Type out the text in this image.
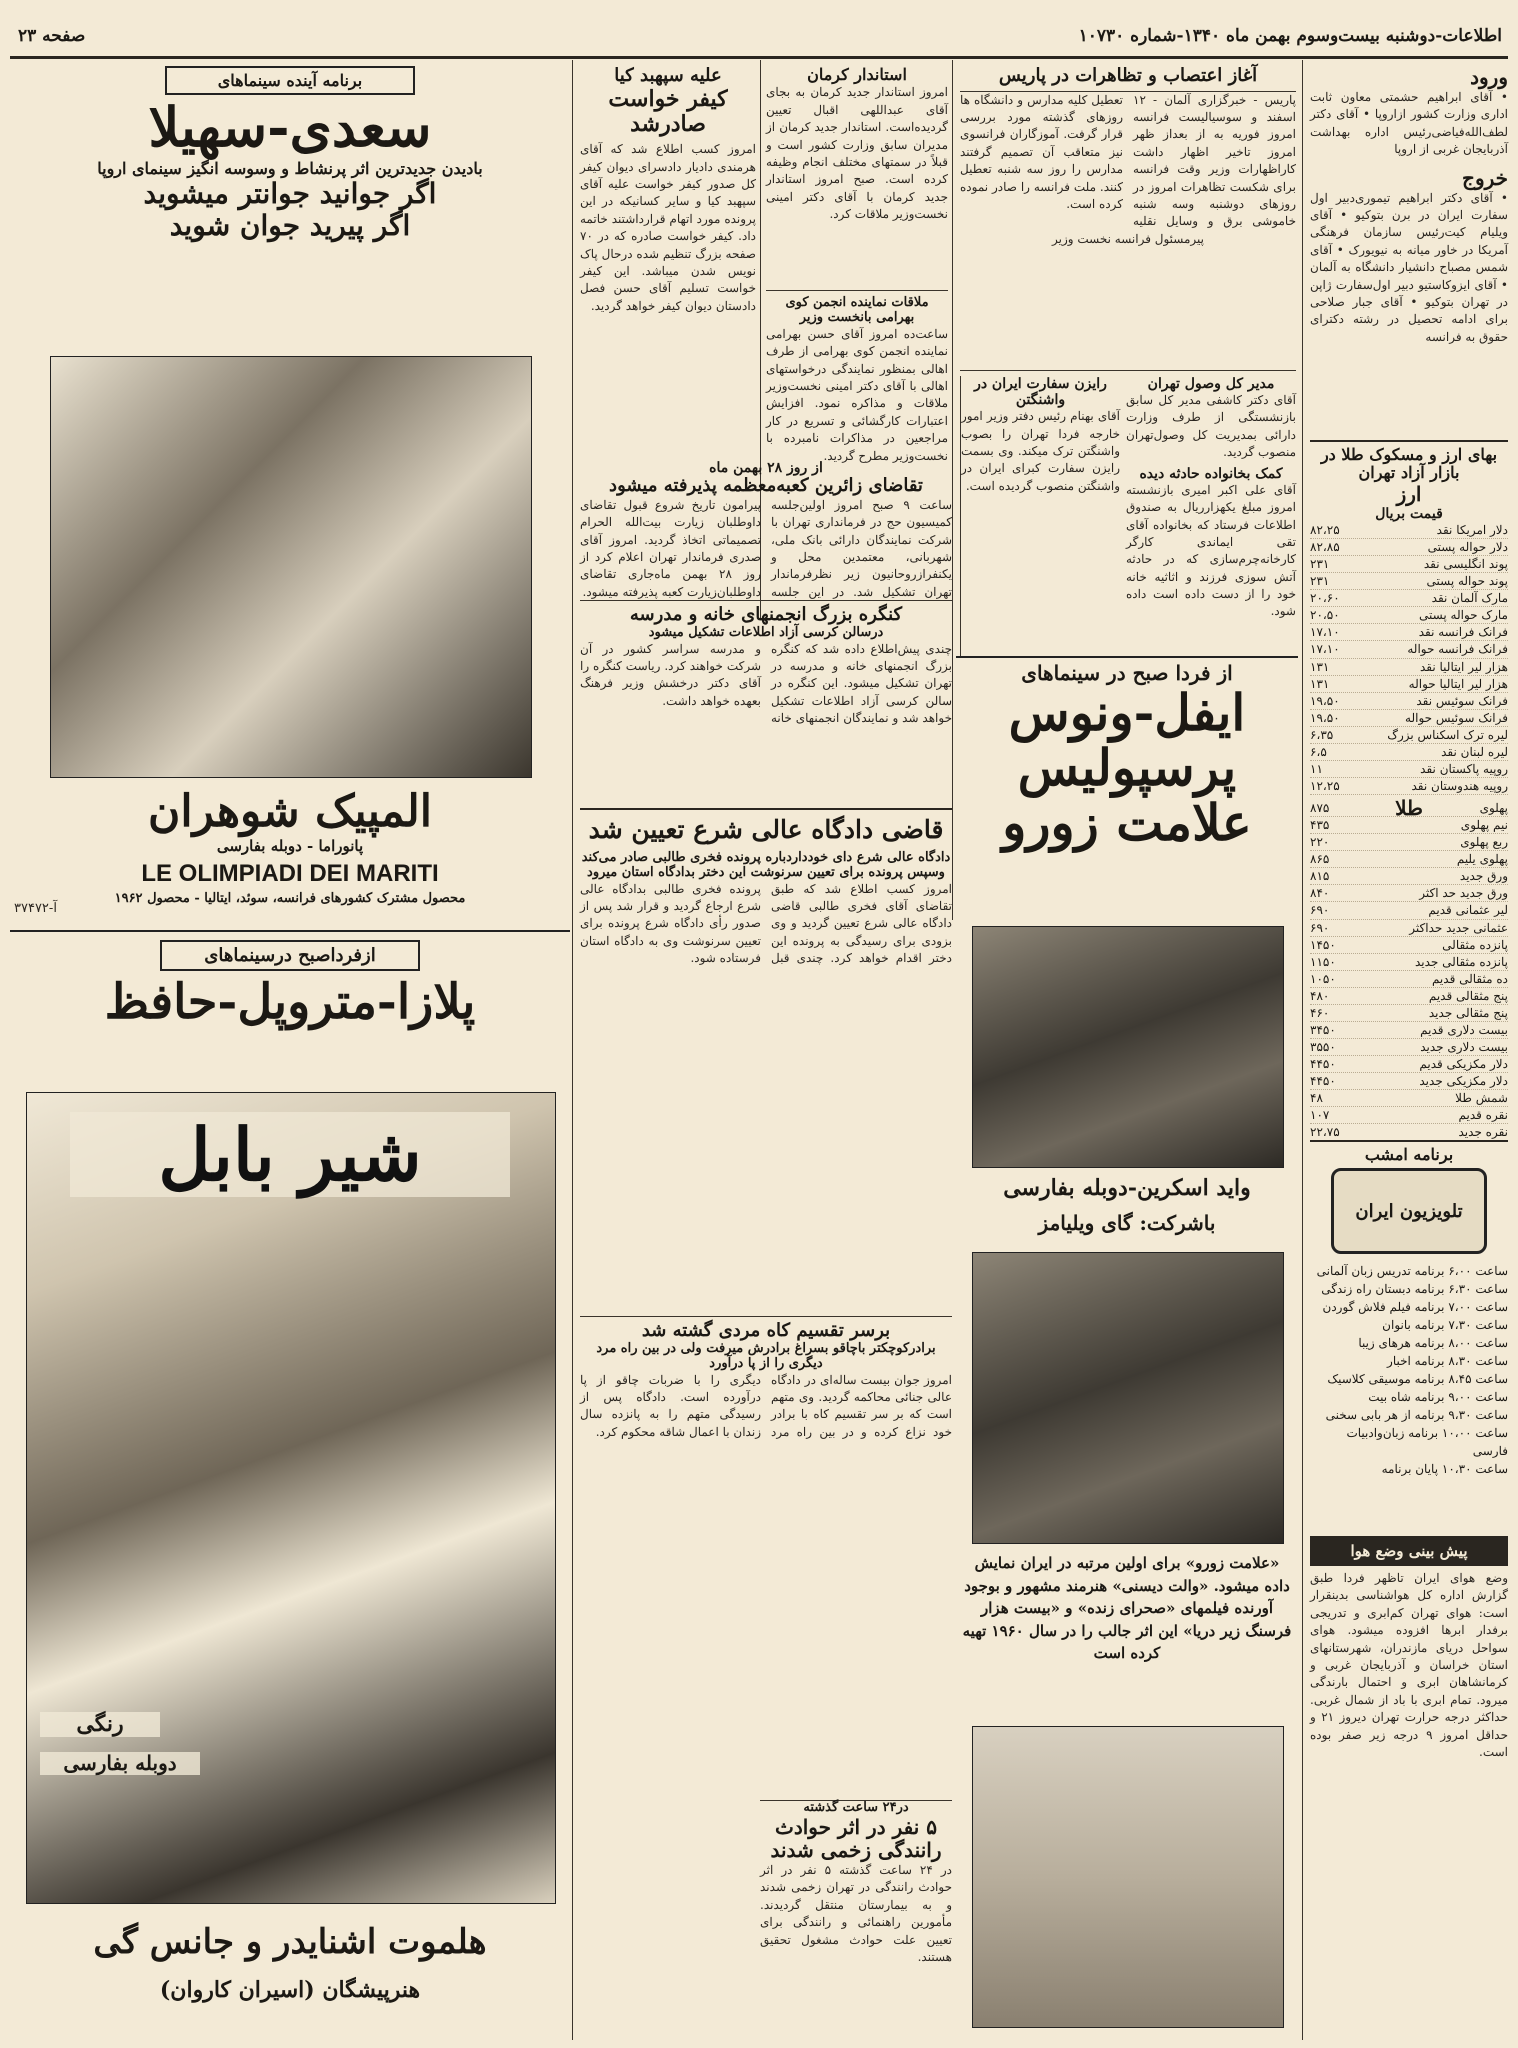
اطلاعات-دوشنبه بیست‌وسوم بهمن ماه ۱۳۴۰-شماره ۱۰۷۳۰
صفحه ۲۳
ورود
• آقای ابراهیم حشمتی معاون ثابت اداری وزارت کشور ازاروپا • آقای دکتر لطف‌الله‌فیاضی‌رئیس اداره بهداشت آذربایجان غربی از اروپا
خروج
• آقای دکتر ابراهیم تیموری‌دبیر اول سفارت ایران در برن بتوکیو • آقای ویلیام کیت‌رئیس سازمان فرهنگی آمریکا در خاور میانه به نیویورک • آقای شمس مصباح دانشیار دانشگاه به آلمان • آقای ایزو‌کاستیو دبیر اول‌سفارت ژاپن در تهران بتوکیو • آقای جبار صلاحی برای ادامه تحصیل در رشته دکترای حقوق به فرانسه
بهای ارز و مسکوک طلا در بازار آزاد تهران
ارز
قیمت بریال
دلار امریکا نقد
۸۲،۲۵
دلار حواله پستی
۸۲،۸۵
پوند انگلیسی نقد
۲۳۱
پوند حواله پستی
۲۳۱
مارک آلمان نقد
۲۰،۶۰
مارک حواله پستی
۲۰،۵۰
فرانک فرانسه نقد
۱۷،۱۰
فرانک فرانسه حواله
۱۷،۱۰
هزار لیر ایتالیا نقد
۱۳۱
هزار لیر ایتالیا حواله
۱۳۱
فرانک سوئیس نقد
۱۹،۵۰
فرانک سوئیس حواله
۱۹،۵۰
لیره ترک اسکناس بزرگ
۶،۳۵
لیره لبنان نقد
۶،۵
روپیه پاکستان نقد
۱۱
روپیه هندوستان نقد
۱۲،۲۵
طلا	پهلوی
۸۷۵
نیم پهلوی
۴۳۵
ربع پهلوی
۲۲۰
پهلوی یلیم
۸۶۵
ورق جدید
۸۱۵
ورق جدید حد اکثر
۸۴۰
لیر عثمانی قدیم
۶۹۰
عثمانی جدید حداکثر
۶۹۰
پانزده مثقالی
۱۴۵۰
پانزده مثقالی جدید
۱۱۵۰
ده مثقالی قدیم
۱۰۵۰
پنج مثقالی قدیم
۴۸۰
پنج مثقالی جدید
۴۶۰
بیست دلاری قدیم
۳۴۵۰
بیست دلاری جدید
۳۵۵۰
دلار مکزیکی قدیم
۴۴۵۰
دلار مکزیکی جدید
۴۴۵۰
شمش طلا
۴۸
نقره قدیم
۱۰۷
نقره جدید
۲۲،۷۵
برنامه امشب
تلویزیون ایران
ساعت ۶،۰۰ برنامه تدریس زبان آلمانی
ساعت ۶،۳۰ برنامه دبستان راه زندگی
ساعت ۷،۰۰ برنامه فیلم فلاش گوردن
ساعت ۷،۳۰ برنامه بانوان
ساعت ۸،۰۰ برنامه هرهای زیبا
ساعت ۸،۳۰ برنامه اخبار
ساعت ۸،۴۵ برنامه موسیقی کلاسیک
ساعت ۹،۰۰ برنامه شاه بیت
ساعت ۹،۳۰ برنامه از هر بابی سخنی
ساعت ۱۰،۰۰ برنامه زبان‌وادبیات فارسی
ساعت ۱۰،۳۰ پایان برنامه
پیش بینی وضع هوا
وضع هوای ایران تاظهر فردا طبق گزارش اداره کل هواشناسی بدینقرار است: هوای تهران کم‌ابری و تدریجی برفدار ابرها افزوده میشود. هوای سواحل دریای مازندران، شهرستانهای استان خراسان و آذربایجان غربی و کرمانشاهان ابری و احتمال بارندگی میرود. تمام ابری با باد از شمال غربی. حداکثر درجه حرارت تهران دیروز ۲۱ و حداقل امروز ۹ درجه زیر صفر بوده است.
آغاز اعتصاب و تظاهرات در پاریس
پاریس - خبرگزاری آلمان - ۱۲ اسفند و سوسیالیست فرانسه امروز فوریه به از بعداز ظهر امروز تاخیر اظهار داشت کاراظهارات وزیر وقت فرانسه برای شکست تظاهرات امروز در روزهای دوشنبه وسه شنبه خاموشی برق و وسایل نقلیه تعطیل کلیه مدارس و دانشگاه ها روزهای گذشته مورد بررسی قرار گرفت. آموزگاران فرانسوی نیز متعاقب آن تصمیم گرفتند مدارس را روز سه شنبه تعطیل کنند. ملت فرانسه را صادر نموده کرده است.
پیرمسئول فرانسه نخست وزیر
مدیر کل وصول تهران
آقای دکتر کاشفی مدیر کل سابق بازنشستگی از طرف وزارت دارائی بمدیریت کل وصول‌تهران منصوب گردید.
کمک بخانواده حادثه دیده
آقای علی اکبر امیری بازنشسته امروز مبلغ یکهزارریال به صندوق اطلاعات فرستاد که بخانواده آقای تقی ایماندی کارگر کارخانه‌چرم‌سازی که در حادثه آتش سوزی فرزند و اثاثیه خانه خود را از دست داده است داده شود.
رایزن سفارت ایران در واشنگتن
آقای بهنام رئیس دفتر وزیر امور خارجه فردا تهران را بصوب واشنگتن ترک میکند. وی بسمت رایزن سفارت کبرای ایران در واشنگتن منصوب گردیده است.
از فردا صبح در سینماهای
ایفل-ونوس
پرسپولیس
علامت زورو
واید اسکرین-دوبله بفارسی
باشرکت: گای ویلیامز
«علامت زورو» برای اولین مرتبه در ایران نمایش داده میشود. «والت دیسنی» هنرمند مشهور و بوجود آورنده فیلمهای «صحرای زنده» و «بیست هزار فرسنگ زیر دریا» این اثر جالب را در سال ۱۹۶۰ تهیه کرده است
استاندار کرمان
امروز استاندار جدید کرمان به بجای آقای عبداللهی اقبال تعیین گردیده‌است. استاندار جدید کرمان از مدیران سابق وزارت کشور است و قبلاً در سمتهای مختلف انجام وظیفه کرده است. صبح امروز استاندار جدید کرمان با آقای دکتر امینی نخست‌وزیر ملاقات کرد.
ملاقات نماینده انجمن کوی بهرامی بانخست وزیر
ساعت‌ده امروز آقای حسن بهرامی نماینده انجمن کوی بهرامی از طرف اهالی بمنظور نمایندگی درخواستهای اهالی با آقای دکتر امینی نخست‌وزیر ملاقات و مذاکره نمود. افزایش اعتبارات کارگشائی و تسریع در کار مراجعین در مذاکرات نامبرده با نخست‌وزیر مطرح گردید.
علیه سپهبد کیا
کیفر خواست صادرشد
امروز کسب اطلاع شد که آقای هرمندی دادیار دادسرای دیوان کیفر کل صدور کیفر خواست علیه آقای سپهبد کیا و سایر کسانیکه در این پرونده مورد اتهام قرارداشتند خاتمه داد. کیفر خواست صادره که در ۷۰ صفحه بزرگ تنظیم شده درحال پاک نویس شدن میباشد. این کیفر خواست تسلیم آقای حسن فصل دادستان دیوان کیفر خواهد گردید.
از روز ۲۸ بهمن ماه
تقاضای زائرین کعبه‌معظمه پذیرفته میشود
ساعت ۹ صبح امروز اولین‌جلسه کمیسیون حج در فرمانداری تهران با شرکت نمایندگان دارائی بانک ملی، شهربانی، معتمدین محل و یکنفرازروحانیون زیر نظرفرماندار تهران تشکیل شد. در این جلسه پیرامون تاریخ شروع قبول تقاضای داوطلبان زیارت بیت‌الله الحرام تصمیماتی اتخاذ گردید. امروز آقای صدری فرماندار تهران اعلام کرد از روز ۲۸ بهمن ماه‌جاری تقاضای داوطلبان‌زیارت کعبه پذیرفته میشود.
کنگره بزرگ انجمنهای خانه و مدرسه
درسالن کرسی آزاد اطلاعات تشکیل میشود
چندی پیش‌اطلاع داده شد که کنگره بزرگ انجمنهای خانه و مدرسه در تهران تشکیل میشود. این کنگره در سالن کرسی آزاد اطلاعات تشکیل خواهد شد و نمایندگان انجمنهای خانه و مدرسه سراسر کشور در آن شرکت خواهند کرد. ریاست کنگره را آقای دکتر درخشش وزیر فرهنگ بعهده خواهد داشت.
قاضی دادگاه عالی شرع تعیین شد
دادگاه عالی شرع دای خودداردباره پرونده فخری طالبی صادر می‌کند وسپس پرونده برای تعیین سرنوشت این دختر بدادگاه استان میرود
امروز کسب اطلاع شد که طبق تقاضای آقای فخری طالبی قاضی دادگاه عالی شرع تعیین گردید و وی بزودی برای رسیدگی به پرونده این دختر اقدام خواهد کرد. چندی قبل پرونده فخری طالبی بدادگاه عالی شرع ارجاع گردید و قرار شد پس از صدور رأی دادگاه شرع پرونده برای تعیین سرنوشت وی به دادگاه استان فرستاده شود.
برسر تقسیم کاه مردی گشته شد
برادرکوچکتر باچاقو بسراغ برادرش میرفت ولی در بین راه مرد دیگری را از پا درآورد
امروز جوان بیست ساله‌ای در دادگاه عالی جنائی محاکمه گردید. وی متهم است که بر سر تقسیم کاه با برادر خود نزاع کرده و در بین راه مرد دیگری را با ضربات چاقو از پا درآورده است. دادگاه پس از رسیدگی متهم را به پانزده سال زندان با اعمال شاقه محکوم کرد.
در۲۴ ساعت گذشته
۵ نفر در اثر حوادث رانندگی زخمی شدند
در ۲۴ ساعت گذشته ۵ نفر در اثر حوادث رانندگی در تهران زخمی شدند و به بیمارستان منتقل گردیدند. مأمورین راهنمائی و رانندگی برای تعیین علت حوادث مشغول تحقیق هستند.
برنامه آینده سینماهای
سعدی-سهیلا
بادیدن جدیدترین اثر پرنشاط و وسوسه انگیز سینمای اروپا
اگر جوانید جوانتر میشوید
اگر پیرید جوان شوید
المپیک شوهران
پانوراما - دوبله بفارسی
LE OLIMPIADI DEI MARITI
محصول مشترک کشورهای فرانسه، سوئد، ایتالیا - محصول ۱۹۶۲
آ-۳۷۴۷۲
ازفرداصبح درسینماهای
پلازا-متروپل-حافظ
شیر بابل
رنگی
دوبله بفارسی
هلموت اشنایدر و جانس گی
هنرپیشگان (اسیران کاروان)
